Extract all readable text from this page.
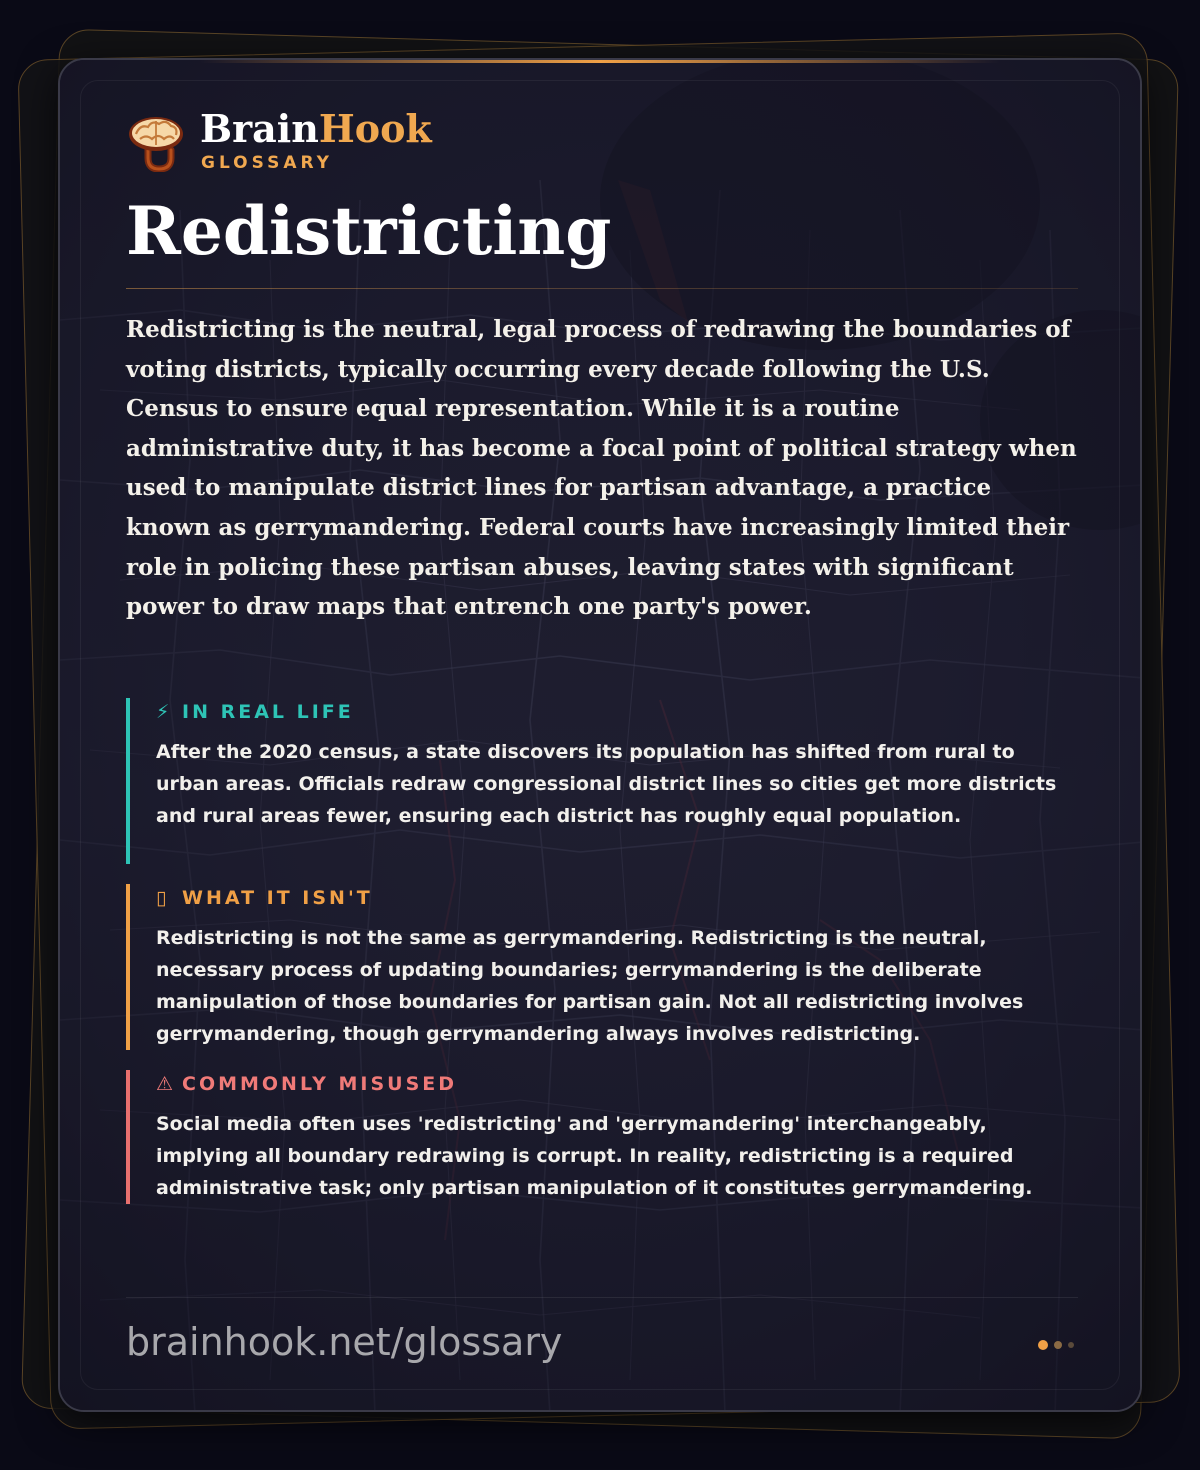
BrainHook
GLOSSARY
Redistricting
Redistricting is the neutral, legal process of redrawing the boundaries of voting districts, typically occurring every decade following the U.S. Census to ensure equal representation. While it is a routine administrative duty, it has become a focal point of political strategy when used to manipulate district lines for partisan advantage, a practice known as gerrymandering. Federal courts have increasingly limited their role in policing these partisan abuses, leaving states with significant power to draw maps that entrench one party's power.
⚡ IN REAL LIFE
After the 2020 census, a state discovers its population has shifted from rural to urban areas. Officials redraw congressional district lines so cities get more districts and rural areas fewer, ensuring each district has roughly equal population.
▯ WHAT IT ISN'T
Redistricting is not the same as gerrymandering. Redistricting is the neutral, necessary process of updating boundaries; gerrymandering is the deliberate manipulation of those boundaries for partisan gain. Not all redistricting involves gerrymandering, though gerrymandering always involves redistricting.
⚠ COMMONLY MISUSED
Social media often uses 'redistricting' and 'gerrymandering' interchangeably, implying all boundary redrawing is corrupt. In reality, redistricting is a required administrative task; only partisan manipulation of it constitutes gerrymandering.
brainhook.net/glossary
